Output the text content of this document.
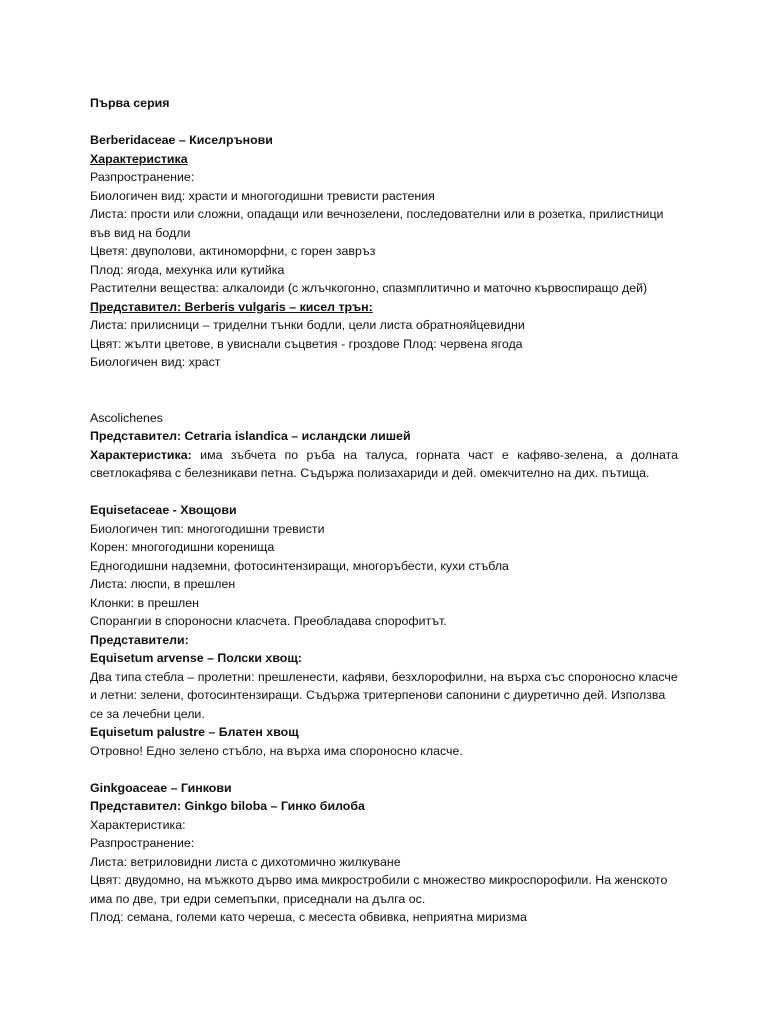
Първа серия
Berberidaceae – Киселрънови
Характеристика
Разпространение:
Биологичен вид: храсти и многогодишни тревисти растения
Листа: прости или сложни, опадащи или вечнозелени, последователни или в розетка, прилистници във вид на бодли
Цветя: двуполови, актиноморфни, с горен завръз
Плод: ягода, мехунка или кутийка
Растителни вещества: алкалоиди (с жлъчкогонно, спазмплитично и маточно кървоспиращо дей)
Представител: Berberis vulgaris – кисел трън:
Листа: прилисници – триделни тънки бодли, цели листа обратнояйцевидни
Цвят: жълти цветове, в увиснали съцветия - гроздове Плод: червена ягода
Биологичен вид: храст
Ascolichenes
Представител: Cetraria islandica – исландски лишей
Характеристика: има зъбчета по ръба на талуса, горната част е кафяво-зелена, а долната светлокафява с белезникави петна. Съдържа полизахариди и дей. омекчително на дих. пътища.
Equisetaceae - Хвощови
Биологичен тип: многогодишни тревисти
Корен: многогодишни коренища
Едногодишни надземни, фотосинтензиращи, многоръбести, кухи стъбла
Листа: люспи, в прешлен
Клонки: в прешлен
Спорангии в спороносни класчета. Преобладава спорофитът.
Представители:
Equisetum arvense – Полски хвощ:
Два типа стебла – пролетни: прешленести, кафяви, безхлорофилни, на върха със спороносно класче и летни: зелени, фотосинтензиращи. Съдържа тритерпенови сапонини с диуретично дей. Използва се за лечебни цели.
Equisetum palustre – Блатен хвощ
Отровно! Едно зелено стъбло, на върха има спороносно класче.
Ginkgoaceae – Гинкови
Представител: Ginkgo biloba – Гинко билоба
Характеристика:
Разпространение:
Листа: ветриловидни листа с дихотомично жилкуване
Цвят: двудомно, на мъжкото дърво има микростробили с множество микроспорофили. На женското има по две, три едри семепъпки, приседнали на дълга ос.
Плод: семана, големи като череша, с месеста обвивка, неприятна миризма
